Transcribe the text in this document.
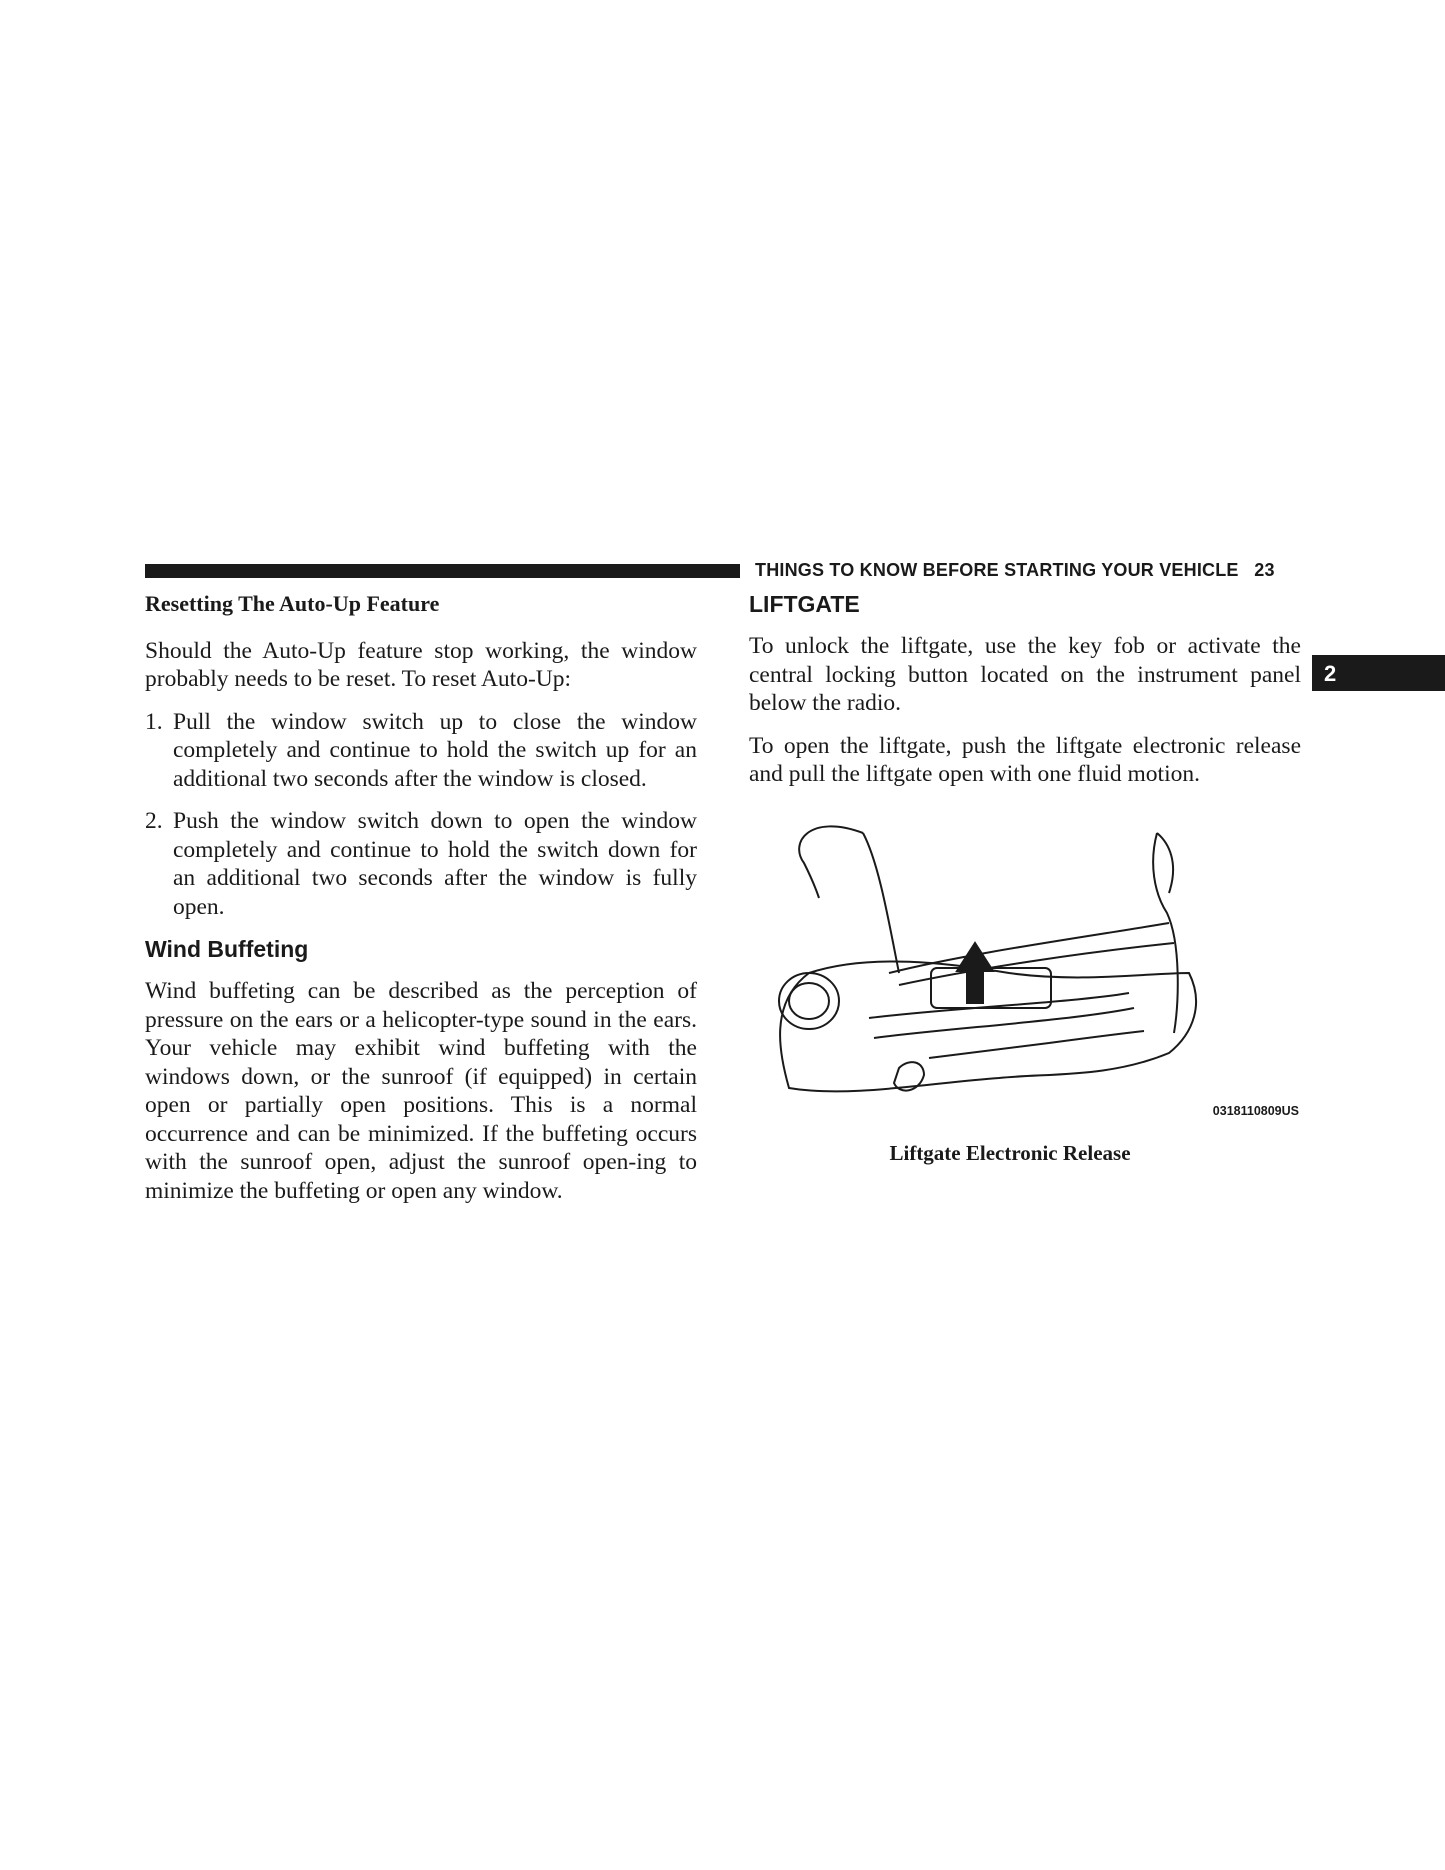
THINGS TO KNOW BEFORE STARTING YOUR VEHICLE 23
2
Resetting The Auto-Up Feature

Should the Auto-Up feature stop working, the window probably needs to be reset. To reset Auto-Up:

1. Pull the window switch up to close the window completely and continue to hold the switch up for an additional two seconds after the window is closed.
2. Push the window switch down to open the window completely and continue to hold the switch down for an additional two seconds after the window is fully open.
Wind Buffeting

Wind buffeting can be described as the perception of pressure on the ears or a helicopter-type sound in the ears. Your vehicle may exhibit wind buffeting with the windows down, or the sunroof (if equipped) in certain open or partially open positions. This is a normal occurrence and can be minimized. If the buffeting occurs with the sunroof open, adjust the sunroof open-ing to minimize the buffeting or open any window.

LIFTGATE

To unlock the liftgate, use the key fob or activate the central locking button located on the instrument panel below the radio.

To open the liftgate, push the liftgate electronic release and pull the liftgate open with one fluid motion.

0318110809US
Liftgate Electronic Release
